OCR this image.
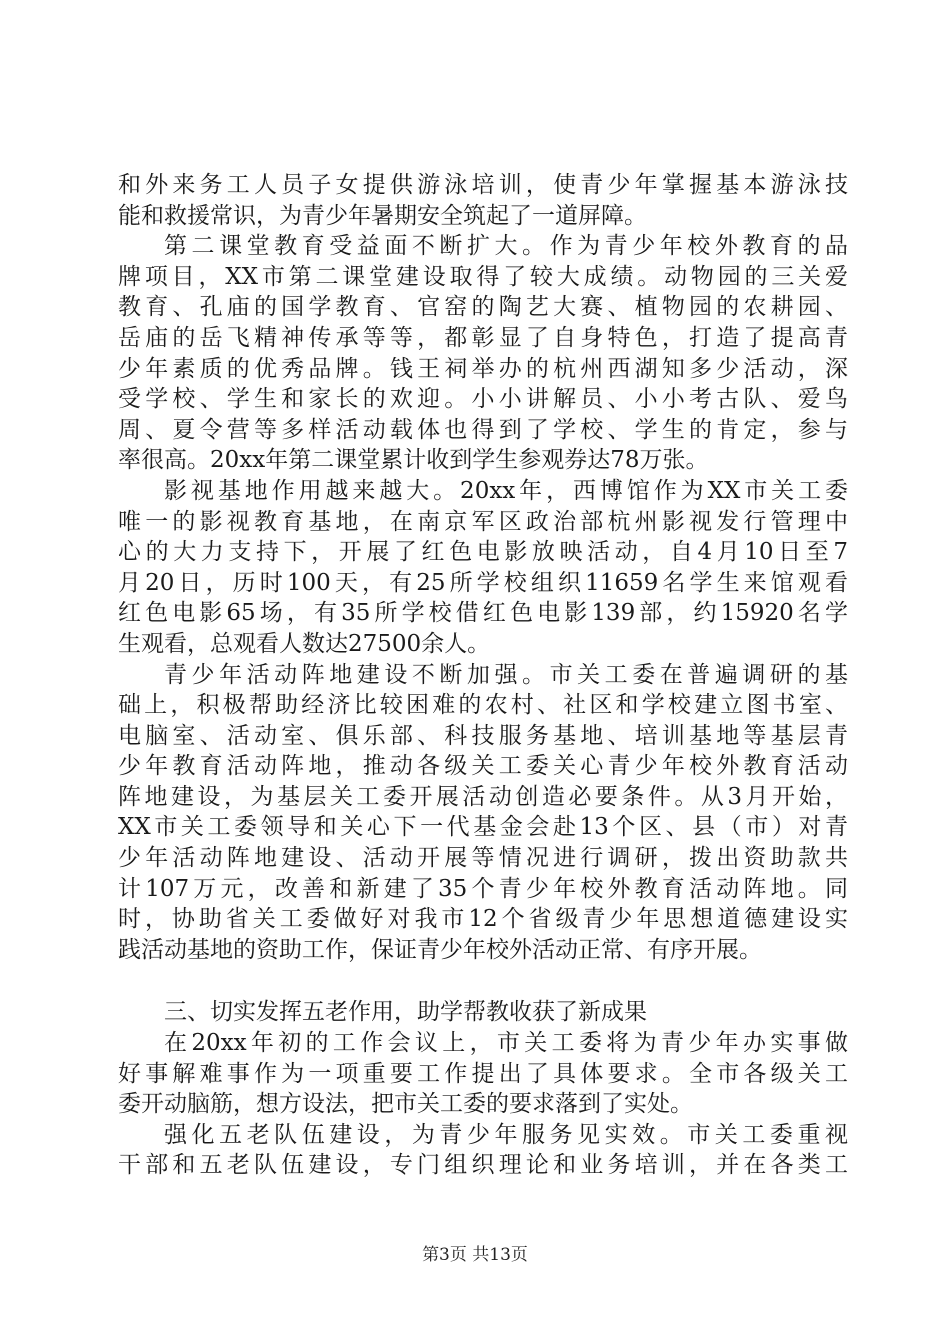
和外来务工人员子女提供游泳培训，使青少年掌握基本游泳技
能和救援常识，为青少年暑期安全筑起了一道屏障。
第二课堂教育受益面不断扩大。作为青少年校外教育的品
牌项目，XX市第二课堂建设取得了较大成绩。动物园的三关爱
教育、孔庙的国学教育、官窑的陶艺大赛、植物园的农耕园、
岳庙的岳飞精神传承等等，都彰显了自身特色，打造了提高青
少年素质的优秀品牌。钱王祠举办的杭州西湖知多少活动，深
受学校、学生和家长的欢迎。小小讲解员、小小考古队、爱鸟
周、夏令营等多样活动载体也得到了学校、学生的肯定，参与
率很高。20xx年第二课堂累计收到学生参观券达78万张。
影视基地作用越来越大。20xx年，西博馆作为XX市关工委
唯一的影视教育基地，在南京军区政治部杭州影视发行管理中
心的大力支持下，开展了红色电影放映活动，自4月10日至7
月20日，历时100天，有25所学校组织11659名学生来馆观看
红色电影65场，有35所学校借红色电影139部，约15920名学
生观看，总观看人数达27500余人。
青少年活动阵地建设不断加强。市关工委在普遍调研的基
础上，积极帮助经济比较困难的农村、社区和学校建立图书室、
电脑室、活动室、俱乐部、科技服务基地、培训基地等基层青
少年教育活动阵地，推动各级关工委关心青少年校外教育活动
阵地建设，为基层关工委开展活动创造必要条件。从3月开始，
XX市关工委领导和关心下一代基金会赴13个区、县（市）对青
少年活动阵地建设、活动开展等情况进行调研，拨出资助款共
计107万元，改善和新建了35个青少年校外教育活动阵地。同
时，协助省关工委做好对我市12个省级青少年思想道德建设实
践活动基地的资助工作，保证青少年校外活动正常、有序开展。
三、切实发挥五老作用，助学帮教收获了新成果
在20xx年初的工作会议上，市关工委将为青少年办实事做
好事解难事作为一项重要工作提出了具体要求。全市各级关工
委开动脑筋，想方设法，把市关工委的要求落到了实处。
强化五老队伍建设，为青少年服务见实效。市关工委重视
干部和五老队伍建设，专门组织理论和业务培训，并在各类工
第3页 共13页
